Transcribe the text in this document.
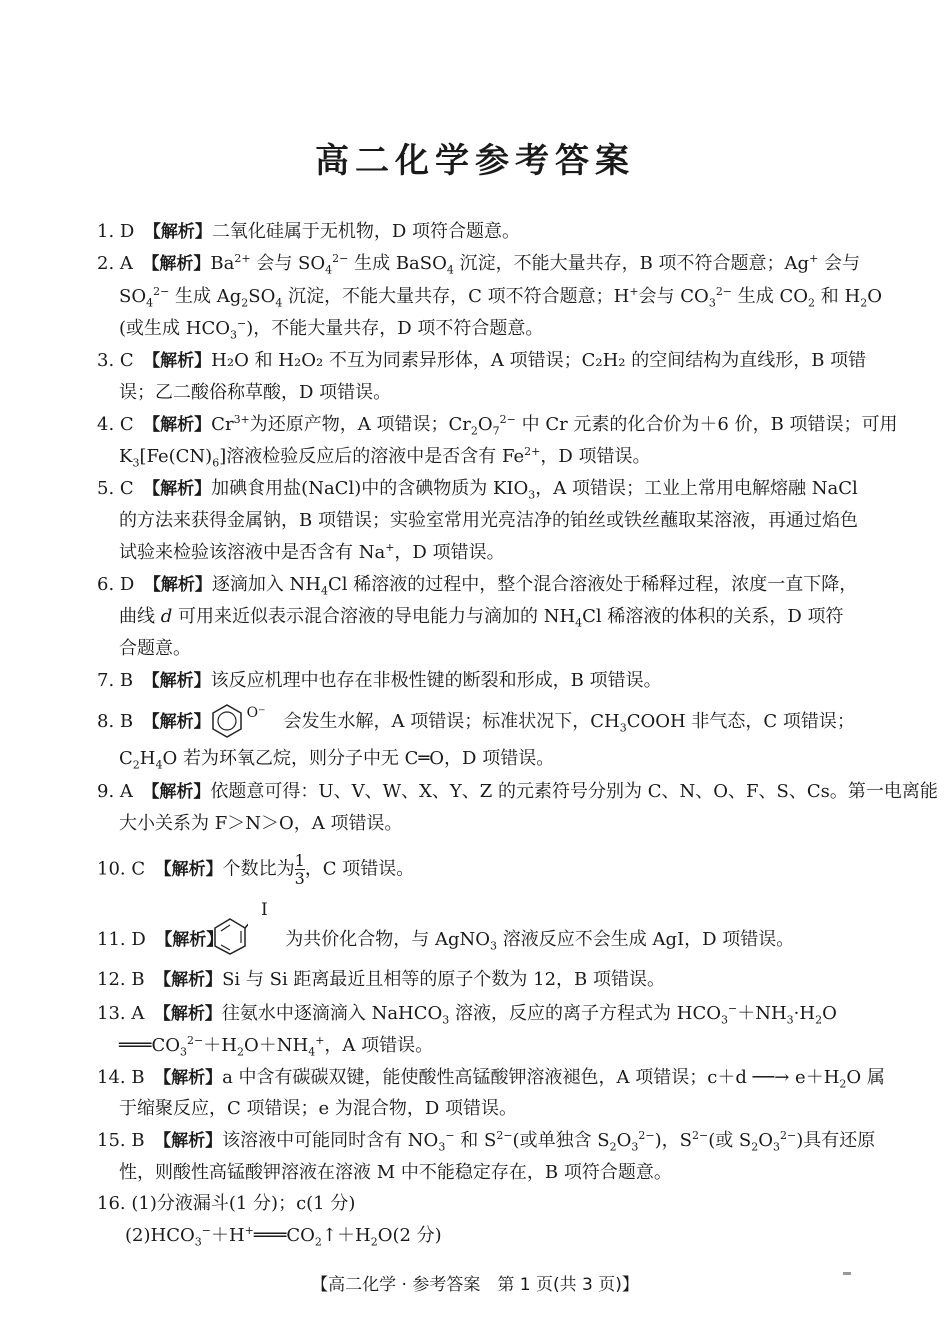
高二化学参考答案
1. D　 【解析】二氧化硅属于无机物，D 项符合题意。
2. A　 【解析】$Ba^{2+}$ 会与 $SO_4^{2-}$ 生成 BaSO$_4$ 沉淀，不能大量共存，B 项不符合题意；Ag+ 会与
$SO_4^{2-}$ 生成 $Ag_2SO_4$ 沉淀，不能大量共存，C 项不符合题意；H+会与 $CO_3^{2-}$ 生成 $CO_2$ 和 $H_2O$
(或生成 $HCO_3^-$)，不能大量共存，D 项不符合题意。
3. C　 【解析】H₂O 和 H₂O₂ 不互为同素异形体，A 项错误；C₂H₂ 的空间结构为直线形，B 项错
误；乙二酸俗称草酸，D 项错误。
4. C　 【解析】$Cr^{3+}$为还原产物，A 项错误；$Cr_2O_7^{2-}$ 中 Cr 元素的化合价为＋6 价，B 项错误；可用
$K_3[Fe(CN)_6]$溶液检验反应后的溶液中是否含有 $Fe^{2+}$，D 项错误。
5. C　 【解析】加碘食用盐(NaCl)中的含碘物质为 $KIO_3$，A 项错误；工业上常用电解熔融 NaCl
的方法来获得金属钠，B 项错误；实验室常用光亮洁净的铂丝或铁丝蘸取某溶液，再通过焰色
试验来检验该溶液中是否含有 Na+，D 项错误。
6. D　 【解析】逐滴加入 $NH_4Cl$ 稀溶液的过程中，整个混合溶液处于稀释过程，浓度一直下降，
曲线 d 可用来近似表示混合溶液的导电能力与滴加的 $NH_4Cl$ 稀溶液的体积的关系，D 项符
合题意。
7. B　 【解析】该反应机理中也存在非极性键的断裂和形成，B 项错误。
8. B　 【解析】	$^{O^-}$　 会发生水解，A 项错误；标准状况下，$CH_3COOH$ 非气态，C 项错误；
$C_2H_4O$ 若为环氧乙烷，则分子中无 C═O，D 项错误。
9. A　 【解析】依题意可得：U、V、W、X、Y、Z 的元素符号分别为 C、N、O、F、S、Cs。第一电离能
大小关系为 F＞N＞O，A 项错误。
10. C　 【解析】个数比为 $\frac{1}{3}$ ，C 项错误。
I
11. D　 【解析】	为共价化合物，与 AgNO$_3$ 溶液反应不会生成 AgI，D 项错误。
12. B　 【解析】Si 与 Si 距离最近且相等的原子个数为 12，B 项错误。
13. A　 【解析】往氨水中逐滴滴入 NaHCO$_3$ 溶液，反应的离子方程式为 $HCO_3^-+NH_3\cdot H_2O$
$═══CO_3^{2-}+H_2O+NH_4^+$，A 项错误。
14. B　 【解析】a 中含有碳碳双键，能使酸性高锰酸钾溶液褪色，A 项错误；c＋d ──→ $e+H_2O$ 属
于缩聚反应，C 项错误；e 为混合物，D 项错误。
15. B　 【解析】该溶液中可能同时含有 $NO_3^-$ 和 $S^{2-}$(或单独含 $S_2O_3^{2-}$)，$S^{2-}$(或 $S_2O_3^{2-}$)具有还原
性，则酸性高锰酸钾溶液在溶液 M 中不能稳定存在，B 项符合题意。
16. (1)分液漏斗(1 分)；c(1 分)
$(2)HCO_3^-+H^+═══CO_2↑+H_2O(2$ 分)
【高二化学 · 参考答案　第 1 页(共 3 页)】
